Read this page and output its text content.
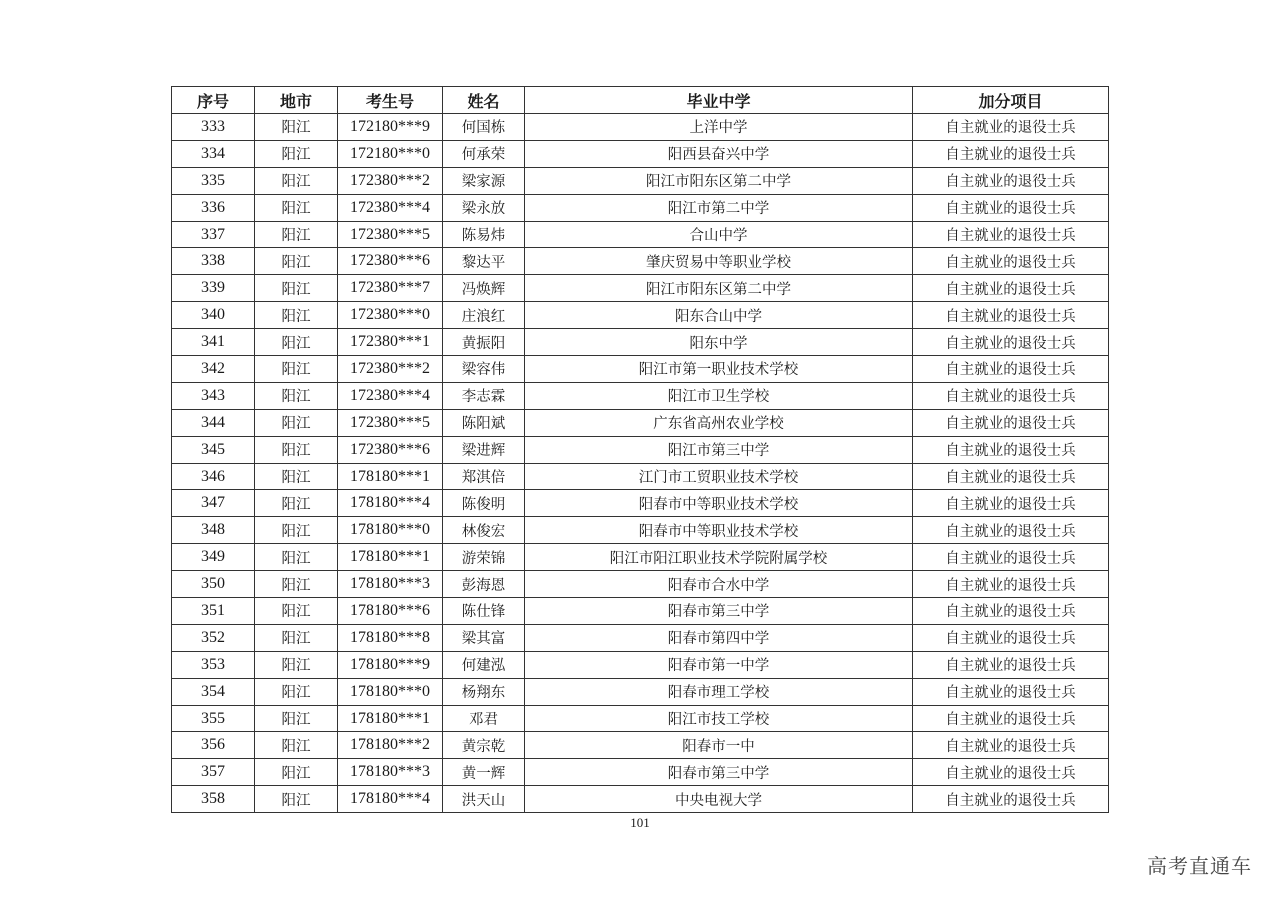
序号	地市	考生号	姓名	毕业中学	加分项目
333	阳江	172180***9	何国栋	上洋中学	自主就业的退役士兵
334	阳江	172180***0	何承荣	阳西县奋兴中学	自主就业的退役士兵
335	阳江	172380***2	梁家源	阳江市阳东区第二中学	自主就业的退役士兵
336	阳江	172380***4	梁永放	阳江市第二中学	自主就业的退役士兵
337	阳江	172380***5	陈易炜	合山中学	自主就业的退役士兵
338	阳江	172380***6	黎达平	肇庆贸易中等职业学校	自主就业的退役士兵
339	阳江	172380***7	冯焕辉	阳江市阳东区第二中学	自主就业的退役士兵
340	阳江	172380***0	庄浪红	阳东合山中学	自主就业的退役士兵
341	阳江	172380***1	黄振阳	阳东中学	自主就业的退役士兵
342	阳江	172380***2	梁容伟	阳江市第一职业技术学校	自主就业的退役士兵
343	阳江	172380***4	李志霖	阳江市卫生学校	自主就业的退役士兵
344	阳江	172380***5	陈阳斌	广东省高州农业学校	自主就业的退役士兵
345	阳江	172380***6	梁进辉	阳江市第三中学	自主就业的退役士兵
346	阳江	178180***1	郑淇倍	江门市工贸职业技术学校	自主就业的退役士兵
347	阳江	178180***4	陈俊明	阳春市中等职业技术学校	自主就业的退役士兵
348	阳江	178180***0	林俊宏	阳春市中等职业技术学校	自主就业的退役士兵
349	阳江	178180***1	游荣锦	阳江市阳江职业技术学院附属学校	自主就业的退役士兵
350	阳江	178180***3	彭海恩	阳春市合水中学	自主就业的退役士兵
351	阳江	178180***6	陈仕锋	阳春市第三中学	自主就业的退役士兵
352	阳江	178180***8	梁其富	阳春市第四中学	自主就业的退役士兵
353	阳江	178180***9	何建泓	阳春市第一中学	自主就业的退役士兵
354	阳江	178180***0	杨翔东	阳春市理工学校	自主就业的退役士兵
355	阳江	178180***1	邓君	阳江市技工学校	自主就业的退役士兵
356	阳江	178180***2	黄宗乾	阳春市一中	自主就业的退役士兵
357	阳江	178180***3	黄一辉	阳春市第三中学	自主就业的退役士兵
358	阳江	178180***4	洪天山	中央电视大学	自主就业的退役士兵
101
高考直通车
